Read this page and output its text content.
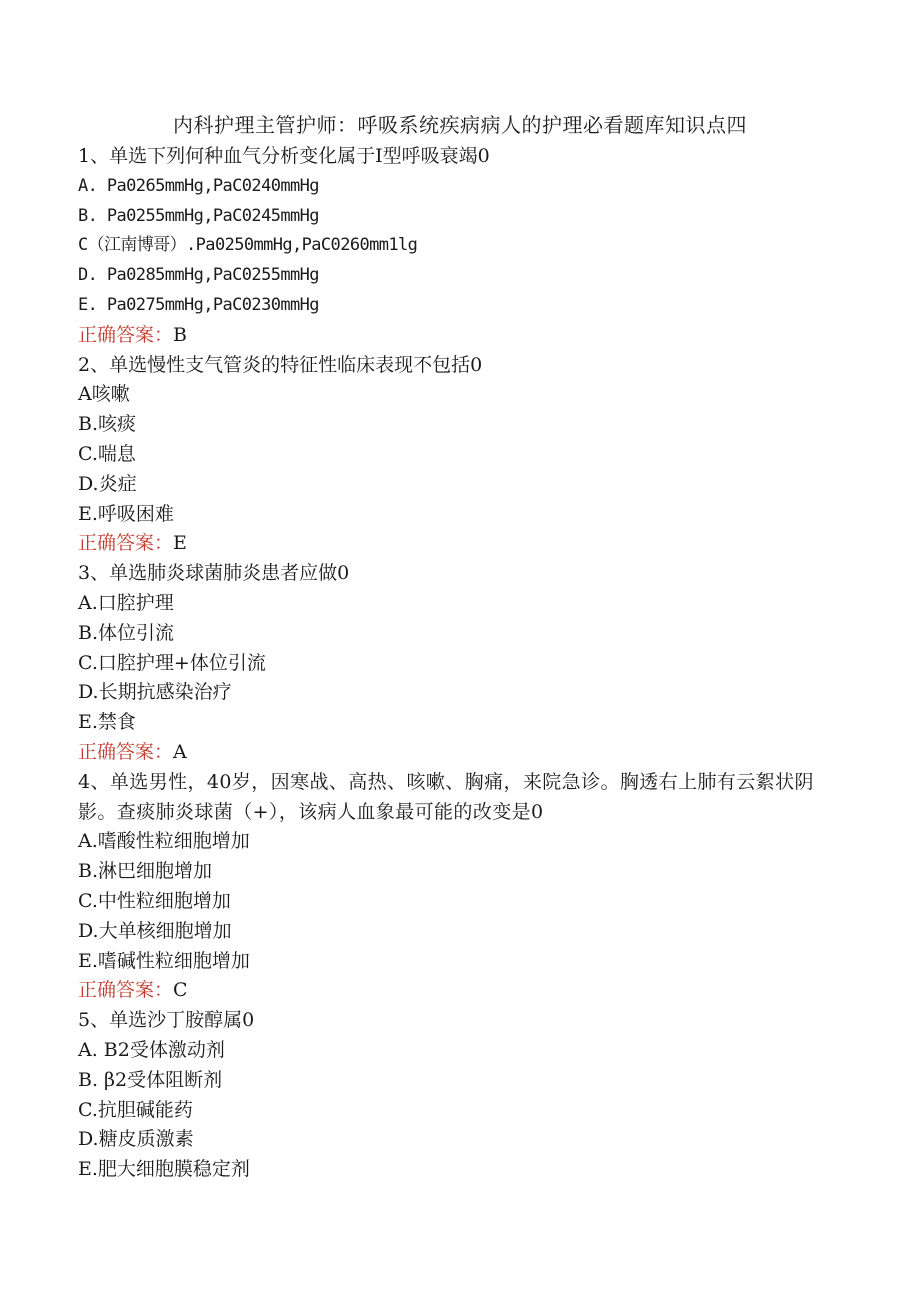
内科护理主管护师：呼吸系统疾病病人的护理必看题库知识点四
1、单选下列何种血气分析变化属于I型呼吸衰竭0
A. Pa0265mmHg,PaC0240mmHg
B. Pa0255mmHg,PaC0245mmHg
C（江南博哥）.Pa0250mmHg,PaC0260mm1lg
D. Pa0285mmHg,PaC0255mmHg
E. Pa0275mmHg,PaC0230mmHg
正确答案：B
2、单选慢性支气管炎的特征性临床表现不包括0
A咳嗽
B.咳痰
C.喘息
D.炎症
E.呼吸困难
正确答案：E
3、单选肺炎球菌肺炎患者应做0
A.口腔护理
B.体位引流
C.口腔护理+体位引流
D.长期抗感染治疗
E.禁食
正确答案：A
4、单选男性，40岁，因寒战、高热、咳嗽、胸痛，来院急诊。胸透右上肺有云絮状阴影。查痰肺炎球菌（+），该病人血象最可能的改变是0
A.嗜酸性粒细胞增加
B.淋巴细胞增加
C.中性粒细胞增加
D.大单核细胞增加
E.嗜碱性粒细胞增加
正确答案：C
5、单选沙丁胺醇属0
A. B2受体激动剂
B. β2受体阻断剂
C.抗胆碱能药
D.糖皮质激素
E.肥大细胞膜稳定剂
